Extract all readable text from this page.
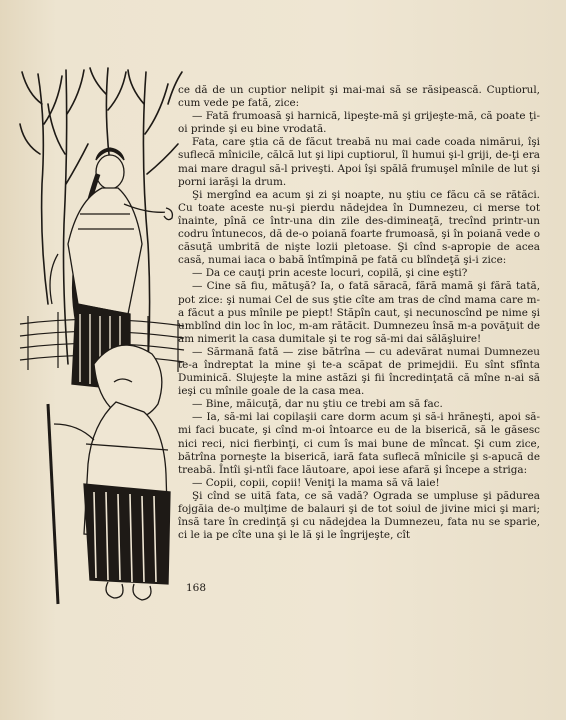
ce dă de un cuptior nelipit şi mai-mai să se răsipească. Cuptiorul, cum vede pe fată, zice:

— Fată frumoasă şi harnică, lipeşte-mă şi grijeşte-mă, că poate ţi-oi prinde şi eu bine vrodată.

Fata, care ştia că de făcut treabă nu mai cade coada nimărui, îşi suflecă mînicile, călcă lut şi lipi cuptiorul, îl humui şi-l griji, de-ţi era mai mare dragul să-l priveşti. Apoi îşi spălă frumuşel mînile de lut şi porni iarăşi la drum.

Şi mergînd ea acum şi zi şi noapte, nu ştiu ce făcu că se rătăci. Cu toate aceste nu-şi pierdu nădejdea în Dumnezeu, ci merse tot înainte, pînă ce într-una din zile des-dimineaţă, trecînd printr-un codru întunecos, dă de-o poiană foarte frumoasă, şi în poiană vede o căsuţă umbrită de nişte lozii pletoase. Şi cînd s-apropie de acea casă, numai iaca o babă întîmpină pe fată cu blîndeţă şi-i zice:

— Da ce cauţi prin aceste locuri, copilă, şi cine eşti?

— Cine să fiu, mătuşă? Ia, o fată săracă, fără mamă şi fără tată, pot zice: şi numai Cel de sus ştie cîte am tras de cînd mama care m-a făcut a pus mînile pe piept! Stăpîn caut, şi necunoscînd pe nime şi umblînd din loc în loc, m-am rătăcit. Dumnezeu însă m-a povăţuit de am nimerit la casa dumitale şi te rog să-mi dai sălăşluire!

— Sărmană fată — zise bătrîna — cu adevărat numai Dumnezeu te-a îndreptat la mine şi te-a scăpat de primejdii. Eu sînt sfînta Duminică. Slujeşte la mine astăzi şi fii încredinţată că mîne n-ai să ieşi cu mînile goale de la casa mea.

— Bine, măicuţă, dar nu ştiu ce trebi am să fac.

— Ia, să-mi lai copilaşii care dorm acum şi să-i hrăneşti, apoi să-mi faci bucate, şi cînd m-oi întoarce eu de la biserică, să le găsesc nici reci, nici fierbinţi, ci cum îs mai bune de mîncat. Şi cum zice, bătrîna porneşte la biserică, iară fata suflecă mînicile şi s-apucă de treabă. Întîi şi-ntîi face lăutoare, apoi iese afară şi începe a striga:

— Copii, copii, copii! Veniţi la mama să vă laie!

Şi cînd se uită fata, ce să vadă? Ograda se umpluse şi pădurea fojgăia de-o mulţime de balauri şi de tot soiul de jivine mici şi mari; însă tare în credinţă şi cu nădejdea la Dumnezeu, fata nu se sparie, ci le ia pe cîte una şi le lă şi le îngrijeşte, cît

168
